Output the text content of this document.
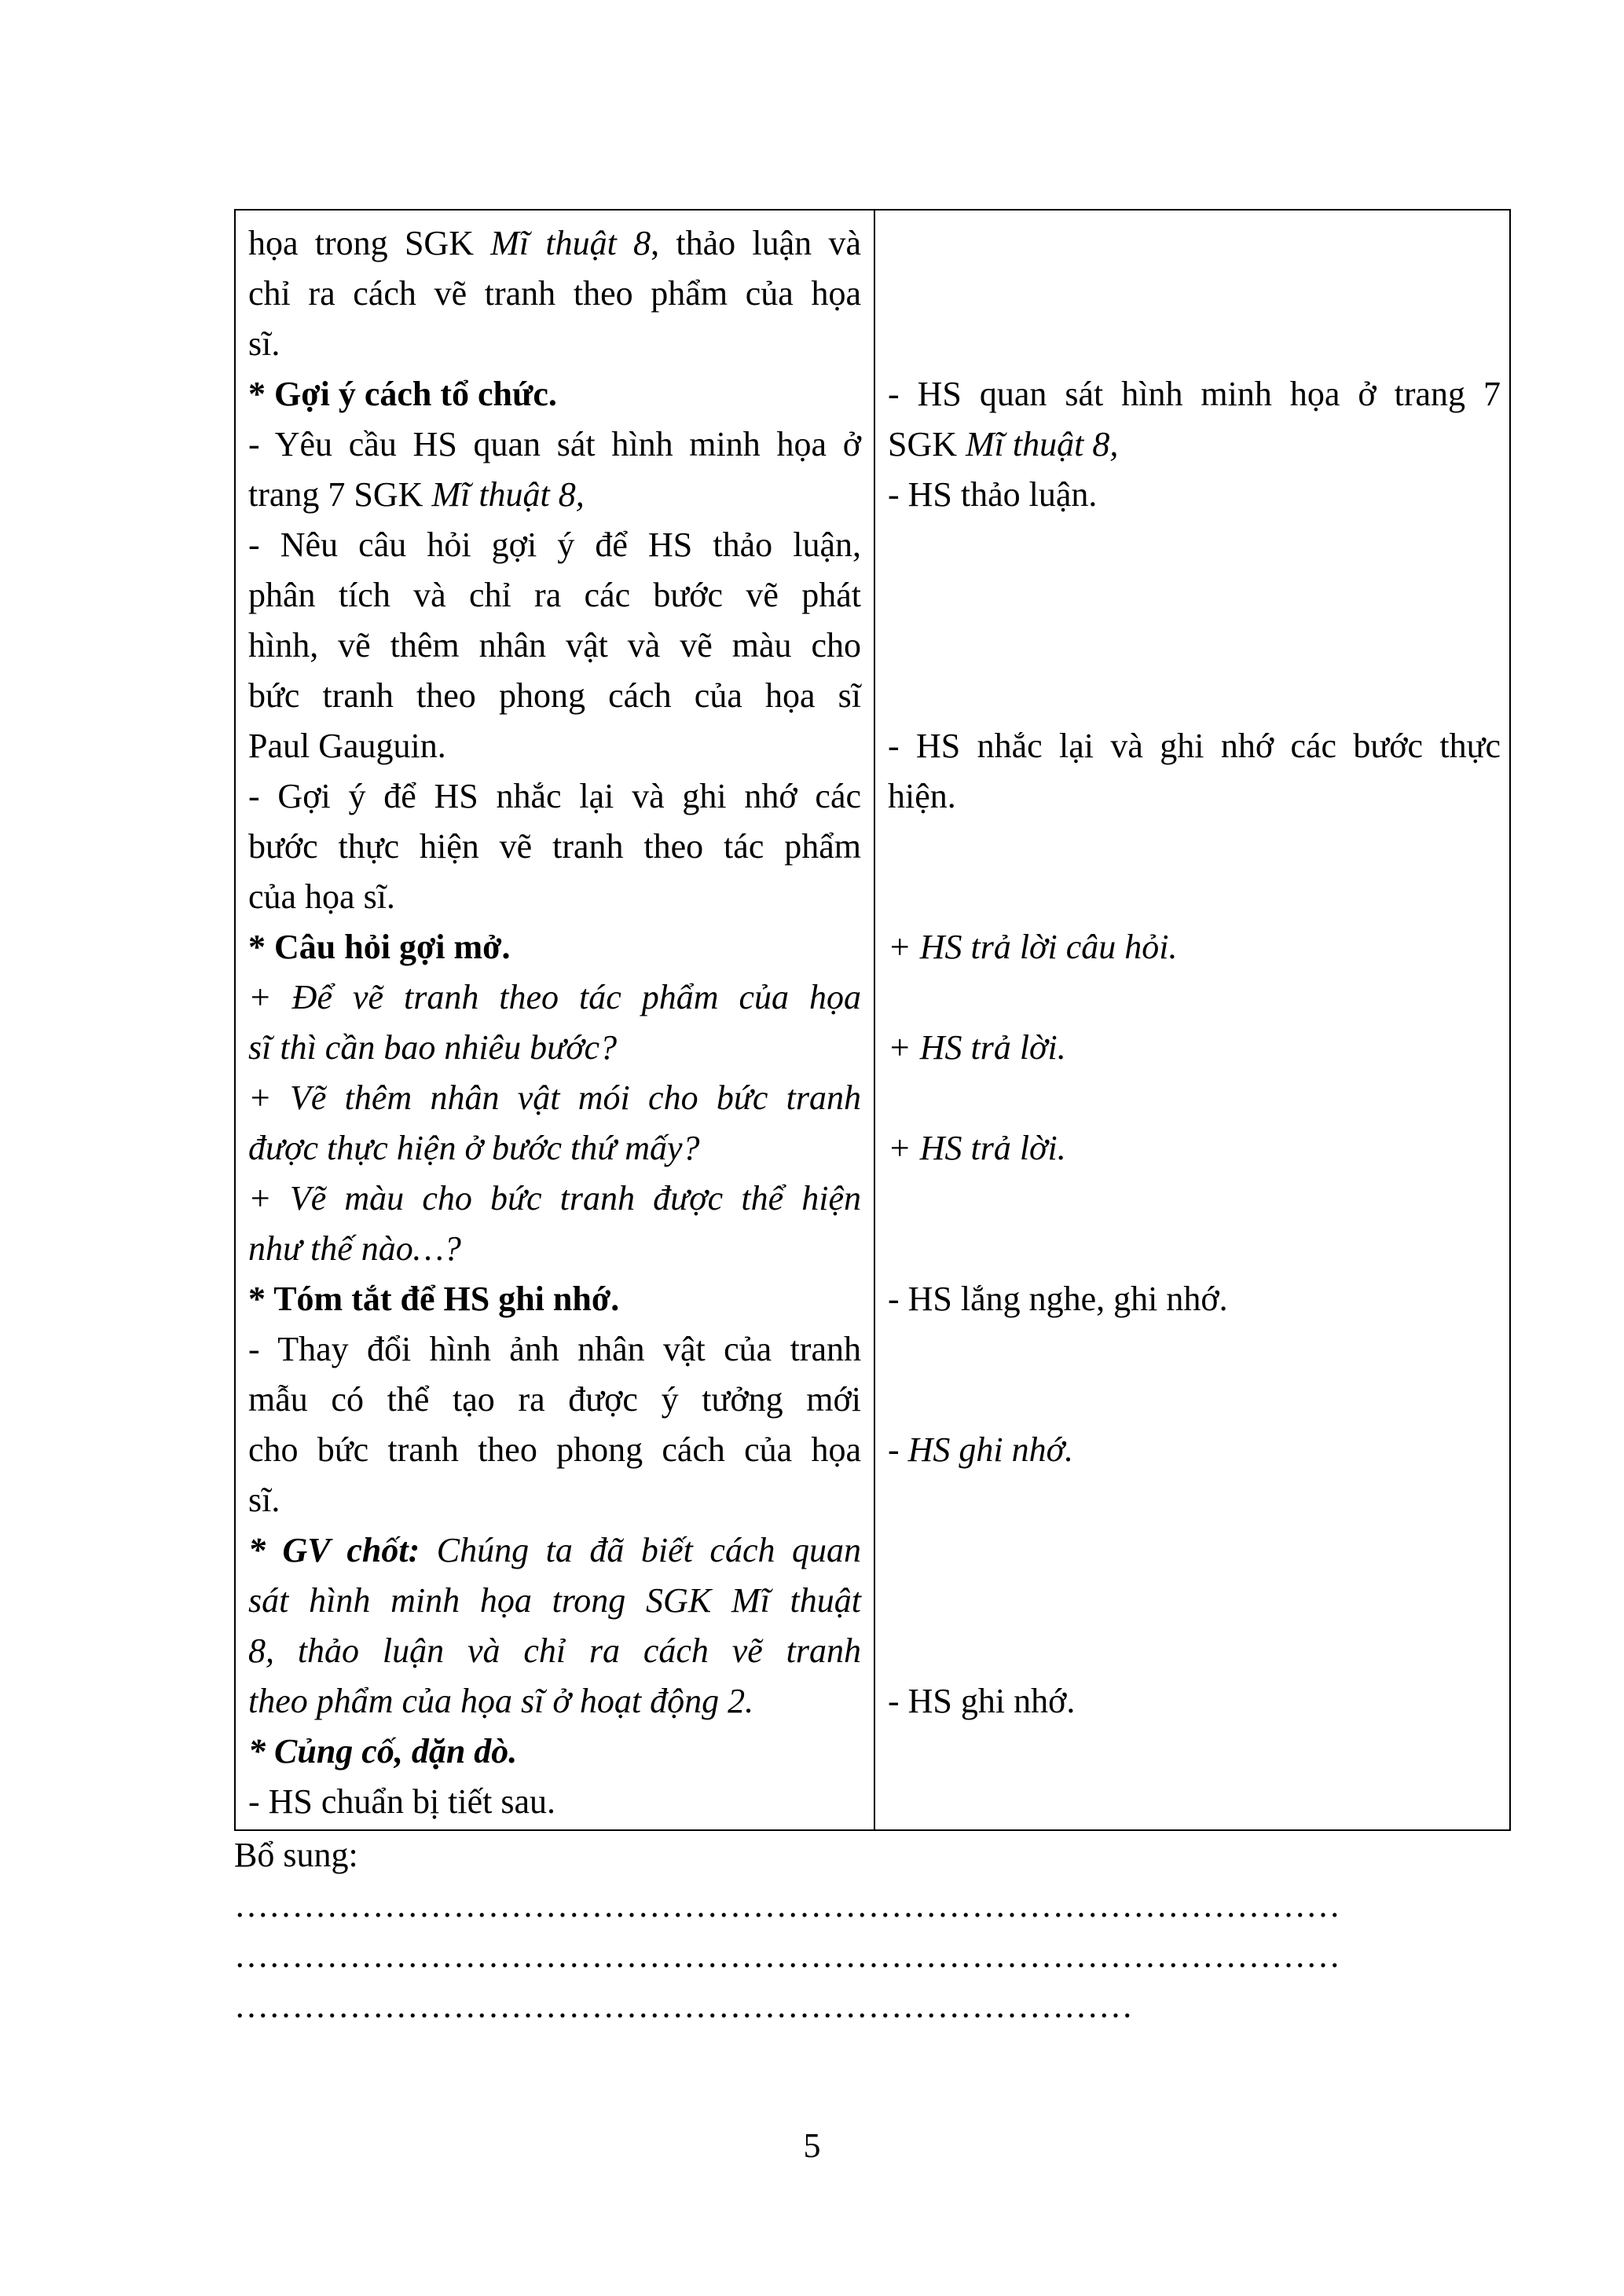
họa trong SGK Mĩ thuật 8, thảo luận và
chỉ ra cách vẽ tranh theo phẩm của họa
sĩ.
* Gợi ý cách tổ chức.
- Yêu cầu HS quan sát hình minh họa ở
trang 7 SGK Mĩ thuật 8,
- Nêu câu hỏi gợi ý để HS thảo luận,
phân tích và chỉ ra các bước vẽ phát
hình, vẽ thêm nhân vật và vẽ màu cho
bức tranh theo phong cách của họa sĩ
Paul Gauguin.
- Gợi ý để HS nhắc lại và ghi nhớ các
bước thực hiện vẽ tranh theo tác phẩm
của họa sĩ.
* Câu hỏi gợi mở.
+ Để vẽ tranh theo tác phẩm của họa
sĩ thì cần bao nhiêu bước?
+ Vẽ thêm nhân vật mói cho bức tranh
được thực hiện ở bước thứ mấy?
+ Vẽ màu cho bức tranh được thể hiện
như thế nào…?
* Tóm tắt để HS ghi nhớ.
- Thay đổi hình ảnh nhân vật của tranh
mẫu có thể tạo ra được ý tưởng mới
cho bức tranh theo phong cách của họa
sĩ.
* GV chốt: Chúng ta đã biết cách quan
sát hình minh họa trong SGK Mĩ thuật
8, thảo luận và chỉ ra cách vẽ tranh
theo phẩm của họa sĩ ở hoạt động 2.
* Củng cố, dặn dò.
- HS chuẩn bị tiết sau.
- HS quan sát hình minh họa ở trang 7
SGK Mĩ thuật 8,
- HS thảo luận.
- HS nhắc lại và ghi nhớ các bước thực
hiện.
+ HS trả lời câu hỏi.
+ HS trả lời.
+ HS trả lời.
- HS lắng nghe, ghi nhớ.
- HS ghi nhớ.
- HS ghi nhớ.
Bổ sung:
……………………………………………………………………………………
……………………………………………………………………………………
……………………………………………………………………
5
